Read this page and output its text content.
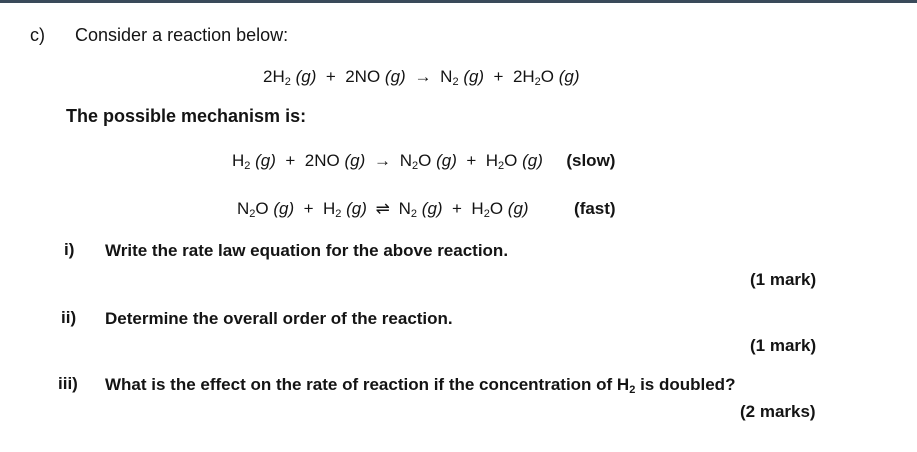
c) Consider a reaction below:
$2H_2$ (g) + 2NO $(g) \to N_2$ $(g) + 2H_2O$ (g)
The possible mechanism is:
$H_2$ (g) + 2NO $(g) \to N_2O$ $(g) + H_2O$ (g) (slow)
$N_2O$ $(g) + H_2$ (g) ⇌ $N_2$ $(g) + H_2O$ (g)	(fast)
i) Write the rate law equation for the above reaction.
(1 mark)
ii) Determine the overall order of the reaction.
(1 mark)
iii) What is the effect on the rate of reaction if the concentration of $H_2$ is doubled?
(2 marks)
